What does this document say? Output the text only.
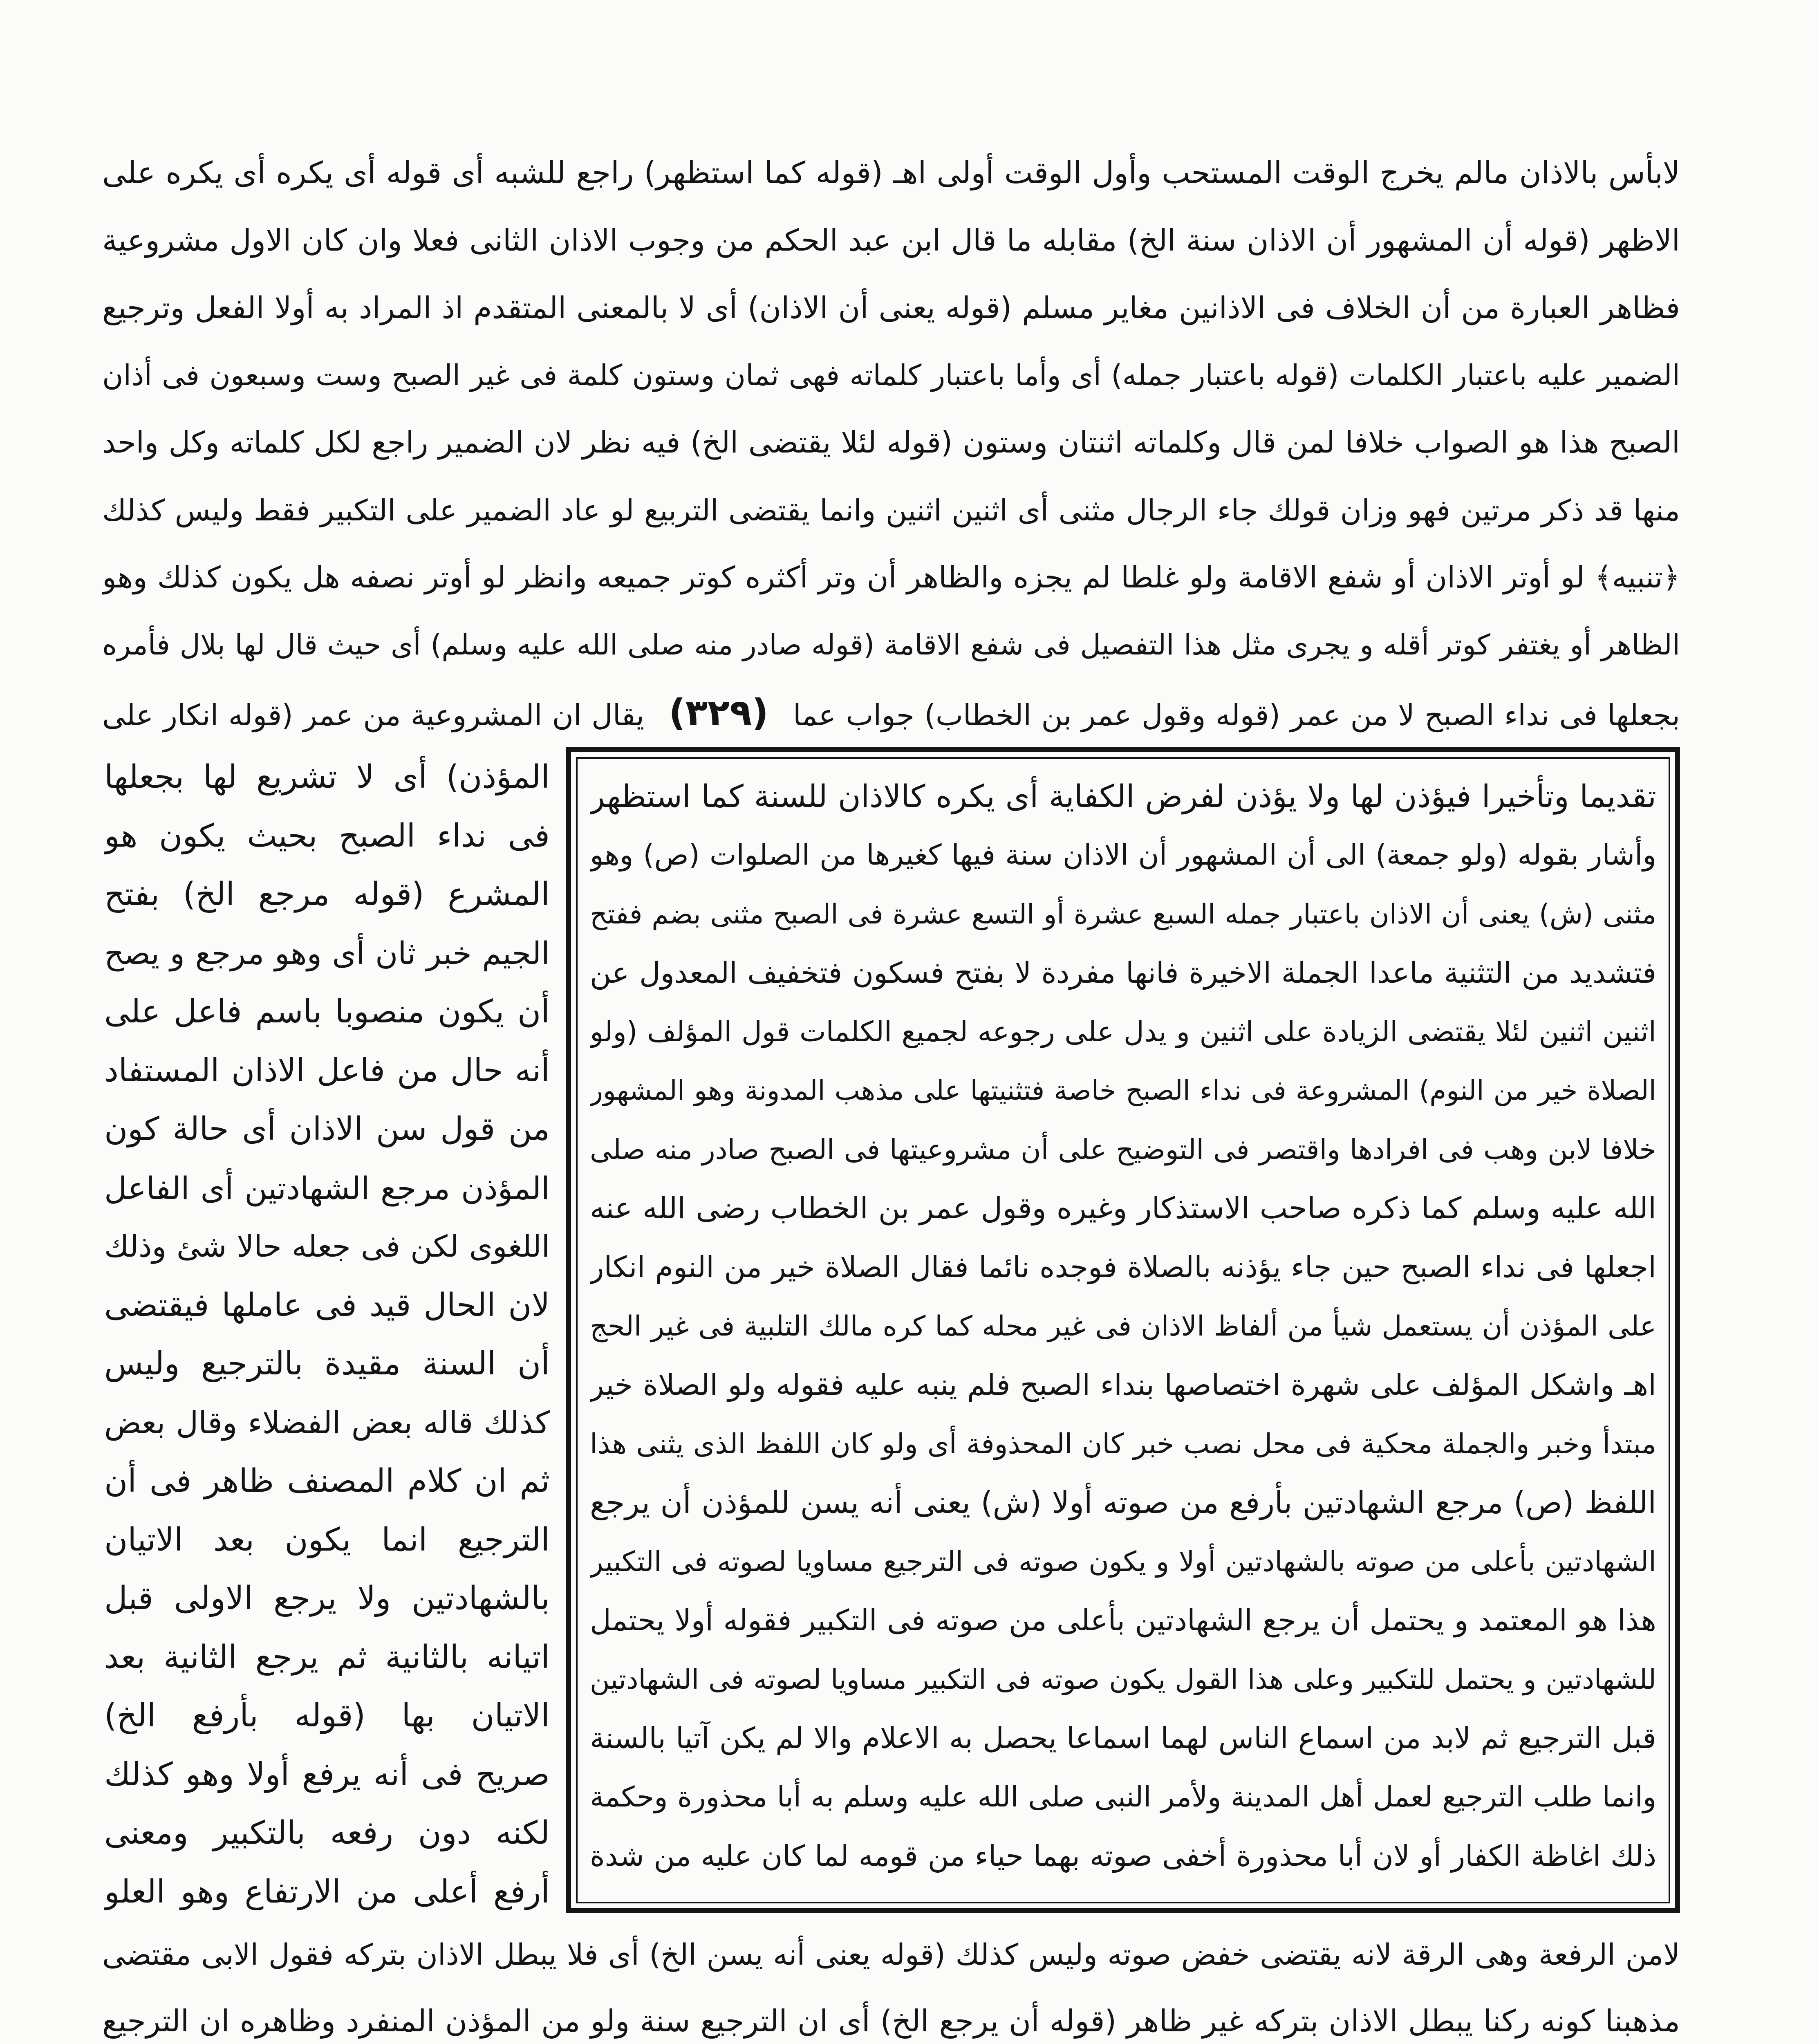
لابأس بالاذان مالم يخرج الوقت المستحب وأول الوقت أولى اهـ (قوله كما استظهر) راجع للشبه أى قوله أى يكره أى يكره على
الاظهر (قوله أن المشهور أن الاذان سنة الخ) مقابله ما قال ابن عبد الحكم من وجوب الاذان الثانى فعلا وان كان الاول مشروعية
فظاهر العبارة من أن الخلاف فى الاذانين مغاير مسلم (قوله يعنى أن الاذان) أى لا بالمعنى المتقدم اذ المراد به أولا الفعل وترجيع
الضمير عليه باعتبار الكلمات (قوله باعتبار جمله) أى وأما باعتبار كلماته فهى ثمان وستون كلمة فى غير الصبح وست وسبعون فى أذان
الصبح هذا هو الصواب خلافا لمن قال وكلماته اثنتان وستون (قوله لئلا يقتضى الخ) فيه نظر لان الضمير راجع لكل كلماته وكل واحد
منها قد ذكر مرتين فهو وزان قولك جاء الرجال مثنى أى اثنين اثنين وانما يقتضى التربيع لو عاد الضمير على التكبير فقط وليس كذلك
﴿تنبيه﴾ لو أوتر الاذان أو شفع الاقامة ولو غلطا لم يجزه والظاهر أن وتر أكثره كوتر جميعه وانظر لو أوتر نصفه هل يكون كذلك وهو
الظاهر أو يغتفر كوتر أقله و يجرى مثل هذا التفصيل فى شفع الاقامة (قوله صادر منه صلى الله عليه وسلم) أى حيث قال لها بلال فأمره
بجعلها فى نداء الصبح لا من عمر (قوله وقول عمر بن الخطاب) جواب عما (٣٢٩) يقال ان المشروعية من عمر (قوله انكار على
تقديما وتأخيرا فيؤذن لها ولا يؤذن لفرض الكفاية أى يكره كالاذان للسنة كما استظهر
وأشار بقوله (ولو جمعة) الى أن المشهور أن الاذان سنة فيها كغيرها من الصلوات (ص) وهو
مثنى (ش) يعنى أن الاذان باعتبار جمله السبع عشرة أو التسع عشرة فى الصبح مثنى بضم ففتح
فتشديد من التثنية ماعدا الجملة الاخيرة فانها مفردة لا بفتح فسكون فتخفيف المعدول عن
اثنين اثنين لئلا يقتضى الزيادة على اثنين و يدل على رجوعه لجميع الكلمات قول المؤلف (ولو
الصلاة خير من النوم) المشروعة فى نداء الصبح خاصة فتثنيتها على مذهب المدونة وهو المشهور
خلافا لابن وهب فى افرادها واقتصر فى التوضيح على أن مشروعيتها فى الصبح صادر منه صلى
الله عليه وسلم كما ذكره صاحب الاستذكار وغيره وقول عمر بن الخطاب رضى الله عنه
اجعلها فى نداء الصبح حين جاء يؤذنه بالصلاة فوجده نائما فقال الصلاة خير من النوم انكار
على المؤذن أن يستعمل شيأ من ألفاظ الاذان فى غير محله كما كره مالك التلبية فى غير الحج
اهـ واشكل المؤلف على شهرة اختصاصها بنداء الصبح فلم ينبه عليه فقوله ولو الصلاة خير
مبتدأ وخبر والجملة محكية فى محل نصب خبر كان المحذوفة أى ولو كان اللفظ الذى يثنى هذا
اللفظ (ص) مرجع الشهادتين بأرفع من صوته أولا (ش) يعنى أنه يسن للمؤذن أن يرجع
الشهادتين بأعلى من صوته بالشهادتين أولا و يكون صوته فى الترجيع مساويا لصوته فى التكبير
هذا هو المعتمد و يحتمل أن يرجع الشهادتين بأعلى من صوته فى التكبير فقوله أولا يحتمل
للشهادتين و يحتمل للتكبير وعلى هذا القول يكون صوته فى التكبير مساويا لصوته فى الشهادتين
قبل الترجيع ثم لابد من اسماع الناس لهما اسماعا يحصل به الاعلام والا لم يكن آتيا بالسنة
وانما طلب الترجيع لعمل أهل المدينة ولأمر النبى صلى الله عليه وسلم به أبا محذورة وحكمة
ذلك اغاظة الكفار أو لان أبا محذورة أخفى صوته بهما حياء من قومه لما كان عليه من شدة
المؤذن) أى لا تشريع لها بجعلها
فى نداء الصبح بحيث يكون هو
المشرع (قوله مرجع الخ) بفتح
الجيم خبر ثان أى وهو مرجع و يصح
أن يكون منصوبا باسم فاعل على
أنه حال من فاعل الاذان المستفاد
من قول سن الاذان أى حالة كون
المؤذن مرجع الشهادتين أى الفاعل
اللغوى لكن فى جعله حالا شئ وذلك
لان الحال قيد فى عاملها فيقتضى
أن السنة مقيدة بالترجيع وليس
كذلك قاله بعض الفضلاء وقال بعض
ثم ان كلام المصنف ظاهر فى أن
الترجيع انما يكون بعد الاتيان
بالشهادتين ولا يرجع الاولى قبل
اتيانه بالثانية ثم يرجع الثانية بعد
الاتيان بها (قوله بأرفع الخ)
صريح فى أنه يرفع أولا وهو كذلك
لكنه دون رفعه بالتكبير ومعنى
أرفع أعلى من الارتفاع وهو العلو
لامن الرفعة وهى الرقة لانه يقتضى خفض صوته وليس كذلك (قوله يعنى أنه يسن الخ) أى فلا يبطل الاذان بتركه فقول الابى مقتضى
مذهبنا كونه ركنا يبطل الاذان بتركه غير ظاهر (قوله أن يرجع الخ) أى ان الترجيع سنة ولو من المؤذن المنفرد وظاهره ان الترجيع
